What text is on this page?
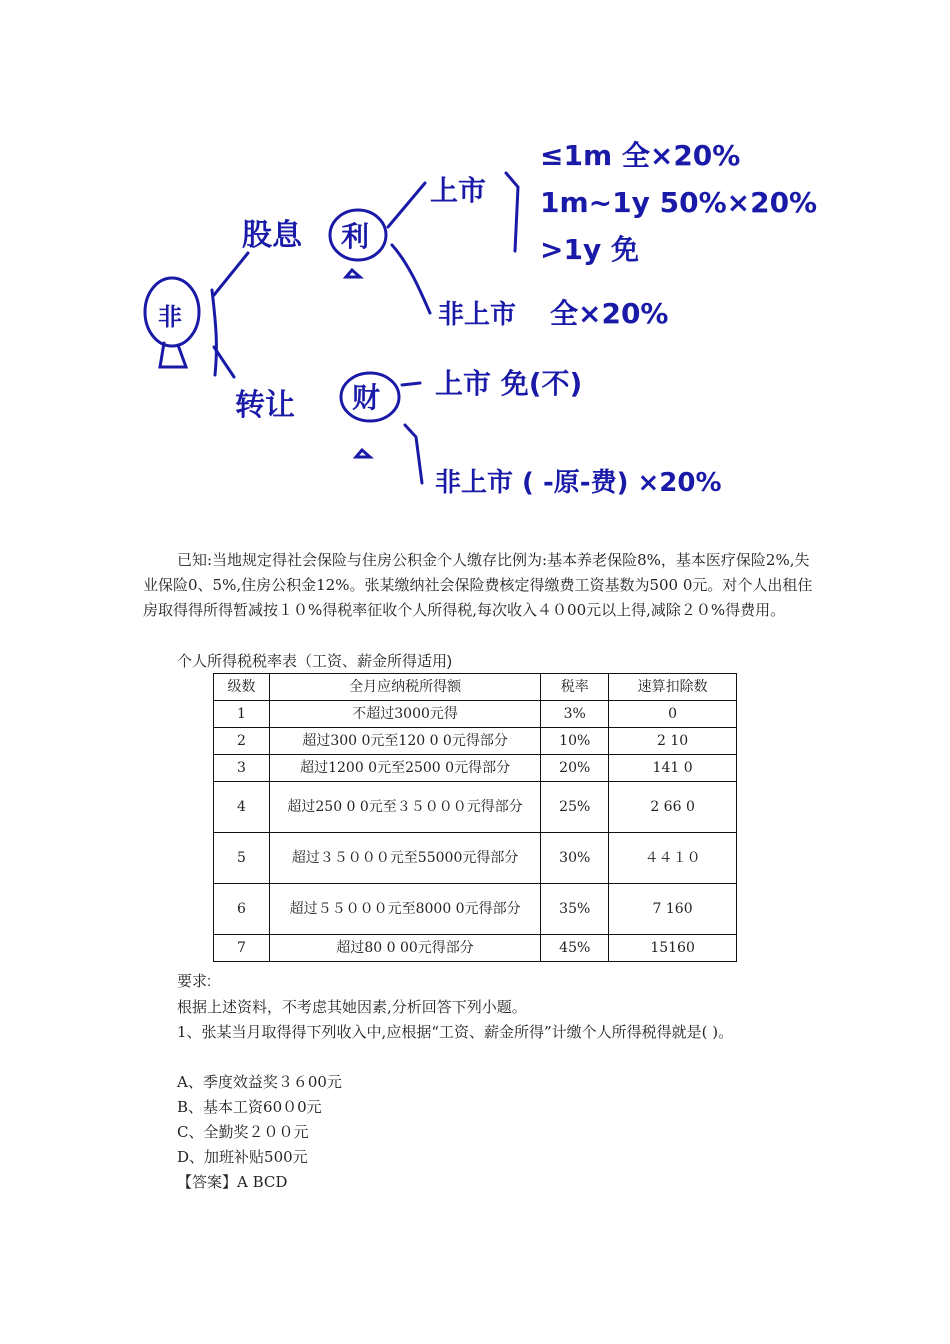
非
股息
转让
利
财
上市
非上市 全×20%
≤1m 全×20%
1m~1y 50%×20%
>1y 免
上市 免(不)
非上市 ( -原-费) ×20%

已知:当地规定得社会保险与住房公积金个人缴存比例为:基本养老保险8%，基本医疗保险2%,失业保险0、5%,住房公积金12%。张某缴纳社会保险费核定得缴费工资基数为500 0元。对个人出租住房取得得所得暂减按１０%得税率征收个人所得税,每次收入４０00元以上得,减除２０%得费用。

个人所得税税率表（工资、薪金所得适用)
级数	全月应纳税所得额	税率	速算扣除数
1	不超过3000元得	3%	0
2	超过300 0元至120 0 0元得部分	10%	2 10
3	超过1200 0元至2500 0元得部分	20%	141 0
4	超过250 0 0元至３５０００元得部分	25%	2 66 0
5	超过３５０００元至55000元得部分	30%	４４１０
6	超过５５０００元至8000 0元得部分	35%	7 160
7	超过80 0 00元得部分	45%	15160

要求:

根据上述资料，不考虑其她因素,分析回答下列小题。

1、张某当月取得得下列收入中,应根据“工资、薪金所得”计缴个人所得税得就是( )。

A、季度效益奖３６00元

B、基本工资60０0元

C、全勤奖２００元

D、加班补贴500元

【答案】A BCD
